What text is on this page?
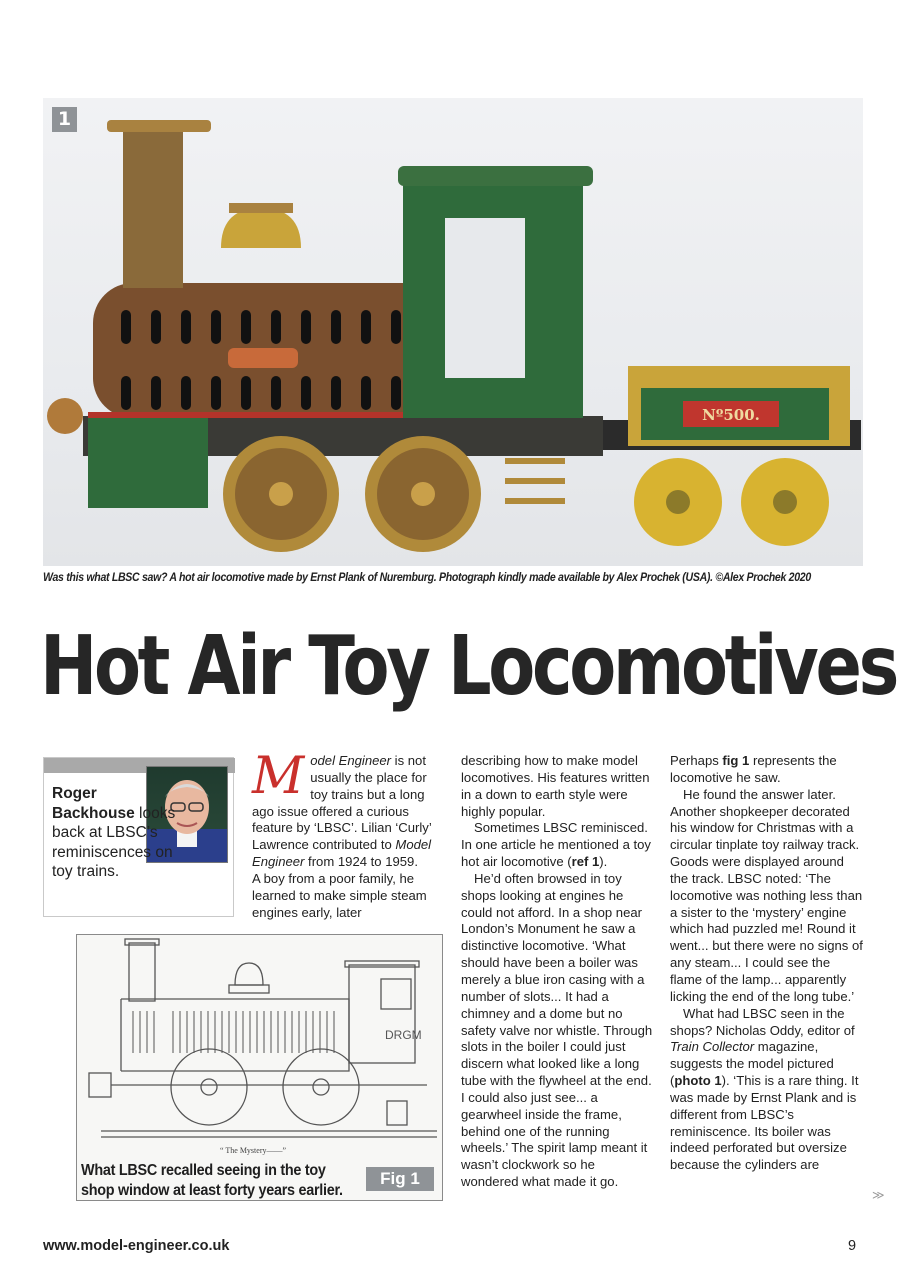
Nº500.
1
Was this what LBSC saw? A hot air locomotive made by Ernst Plank of Nuremburg. Photograph kindly made available by Alex Prochek (USA). ©Alex Prochek 2020
Hot Air Toy Locomotives
Roger Backhouse looks back at LBSC’s reminiscences on toy trains.

Model Engineer is not usually the place for toy trains but a long ago issue offered a curious feature by ‘LBSC’. Lilian ‘Curly’ Lawrence contributed to Model Engineer from 1924 to 1959.

A boy from a poor family, he learned to make simple steam engines early, later

describing how to make model locomotives. His features written in a down to earth style were highly popular.

Sometimes LBSC reminisced. In one article he mentioned a toy hot air locomotive (ref 1).

He’d often browsed in toy shops looking at engines he could not afford. In a shop near London’s Monument he saw a distinctive locomotive. ‘What should have been a boiler was merely a blue iron casing with a number of slots... It had a chimney and a dome but no safety valve nor whistle. Through slots in the boiler I could just discern what looked like a long tube with the flywheel at the end. I could also just see... a gearwheel inside the frame, behind one of the running wheels.’ The spirit lamp meant it wasn’t clockwork so he wondered what made it go.

Perhaps fig 1 represents the locomotive he saw.

He found the answer later. Another shopkeeper decorated his window for Christmas with a circular tinplate toy railway track. Goods were displayed around the track. LBSC noted: ‘The locomotive was nothing less than a sister to the ‘mystery’ engine which had puzzled me! Round it went... but there were no signs of any steam... I could see the flame of the lamp... apparently licking the end of the long tube.’

What had LBSC seen in the shops? Nicholas Oddy, editor of Train Collector magazine, suggests the model pictured (photo 1). ‘This is a rare thing. It was made by Ernst Plank and is different from LBSC’s reminiscence. Its boiler was indeed perforated but oversize because the cylinders are

DRGM
“ The Mystery——”
What LBSC recalled seeing in the toy shop window at least forty years earlier.
Fig 1
≫
www.model-engineer.co.uk	9
